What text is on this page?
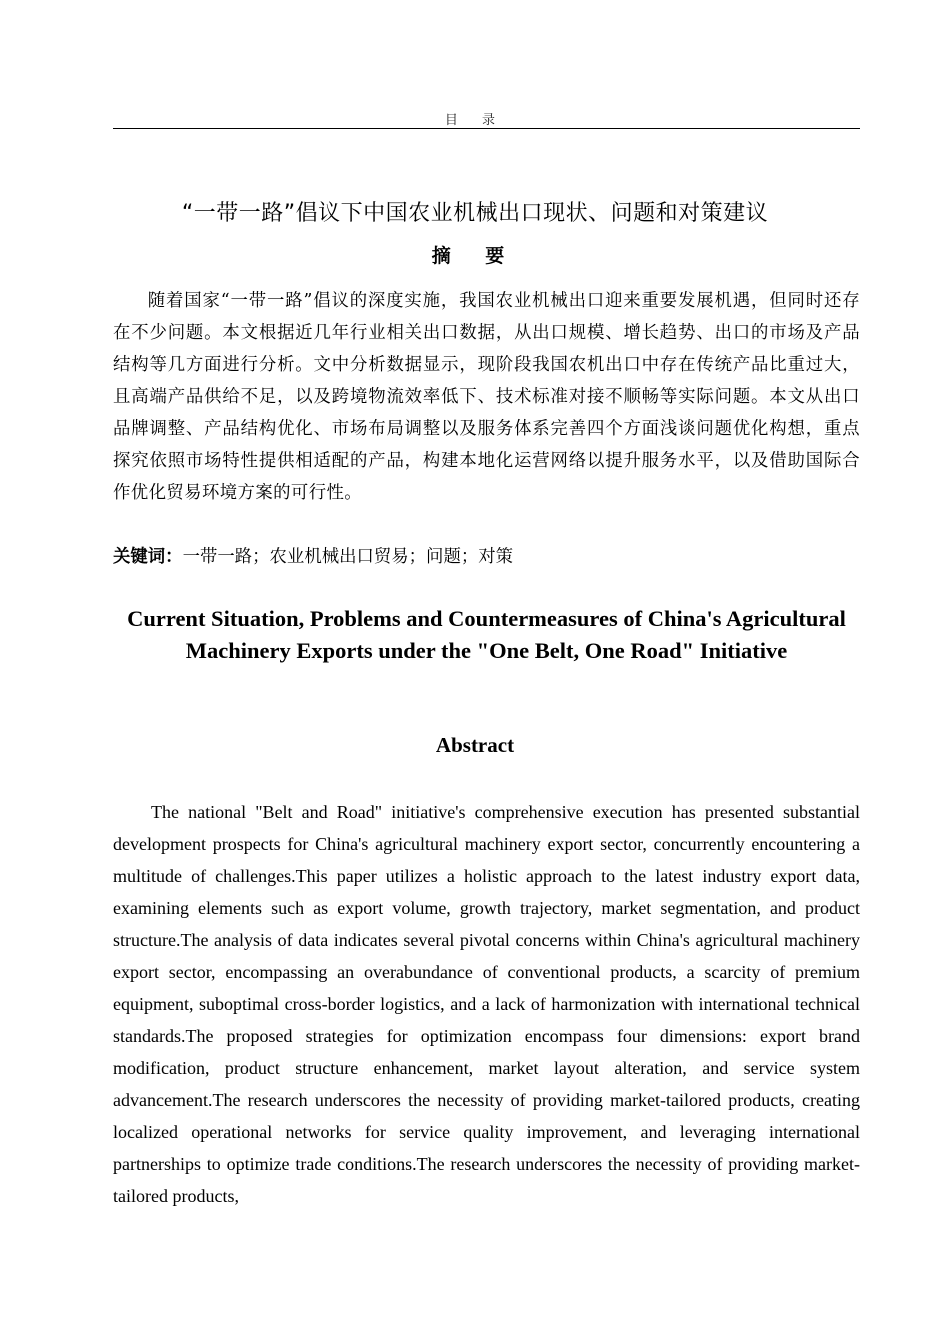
目 录
“一带一路”倡议下中国农业机械出口现状、问题和对策建议
摘 要
随着国家“一带一路”倡议的深度实施，我国农业机械出口迎来重要发展机遇，但同时还存在不少问题。本文根据近几年行业相关出口数据，从出口规模、增长趋势、出口的市场及产品结构等几方面进行分析。文中分析数据显示，现阶段我国农机出口中存在传统产品比重过大，且高端产品供给不足，以及跨境物流效率低下、技术标准对接不顺畅等实际问题。本文从出口品牌调整、产品结构优化、市场布局调整以及服务体系完善四个方面浅谈问题优化构想，重点探究依照市场特性提供相适配的产品，构建本地化运营网络以提升服务水平，以及借助国际合作优化贸易环境方案的可行性。
关键词：一带一路；农业机械出口贸易；问题；对策
Current Situation, Problems and Countermeasures of China's Agricultural Machinery Exports under the "One Belt, One Road" Initiative
Abstract
The national "Belt and Road" initiative's comprehensive execution has presented substantial development prospects for China's agricultural machinery export sector, concurrently encountering a multitude of challenges.This paper utilizes a holistic approach to the latest industry export data, examining elements such as export volume, growth trajectory, market segmentation, and product structure.The analysis of data indicates several pivotal concerns within China's agricultural machinery export sector, encompassing an overabundance of conventional products, a scarcity of premium equipment, suboptimal cross-border logistics, and a lack of harmonization with international technical standards.The proposed strategies for optimization encompass four dimensions: export brand modification, product structure enhancement, market layout alteration, and service system advancement.The research underscores the necessity of providing market-tailored products, creating localized operational networks for service quality improvement, and leveraging international partnerships to optimize trade conditions.The research underscores the necessity of providing market-tailored products,
